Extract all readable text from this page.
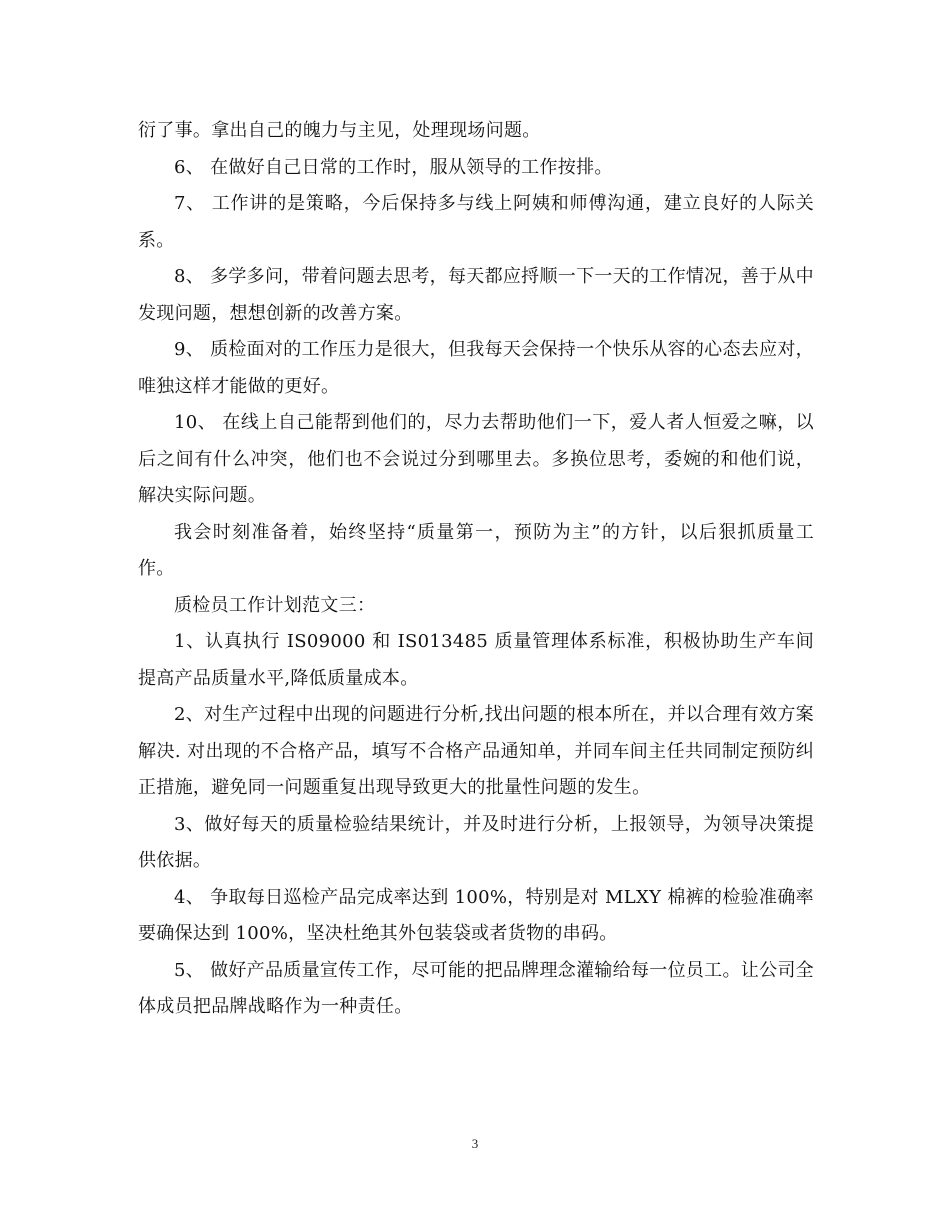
衍了事。拿出自己的魄力与主见，处理现场问题。

6、 在做好自己日常的工作时，服从领导的工作按排。

7、 工作讲的是策略，今后保持多与线上阿姨和师傅沟通，建立良好的人际关系。

8、 多学多问，带着问题去思考，每天都应捋顺一下一天的工作情况，善于从中发现问题，想想创新的改善方案。

9、 质检面对的工作压力是很大，但我每天会保持一个快乐从容的心态去应对，唯独这样才能做的更好。

10、 在线上自己能帮到他们的，尽力去帮助他们一下，爱人者人恒爱之嘛，以后之间有什么冲突，他们也不会说过分到哪里去。多换位思考，委婉的和他们说，解决实际问题。

我会时刻准备着，始终坚持“质量第一，预防为主”的方针，以后狠抓质量工作。

质检员工作计划范文三：

1、认真执行 IS09000 和 IS013485 质量管理体系标准，积极协助生产车间提高产品质量水平,降低质量成本。

2、对生产过程中出现的问题进行分析,找出问题的根本所在，并以合理有效方案解决. 对出现的不合格产品，填写不合格产品通知单，并同车间主任共同制定预防纠正措施，避免同一问题重复出现导致更大的批量性问题的发生。

3、做好每天的质量检验结果统计，并及时进行分析，上报领导，为领导决策提供依据。

4、 争取每日巡检产品完成率达到 100%，特别是对 MLXY 棉裤的检验准确率要确保达到 100%，坚决杜绝其外包装袋或者货物的串码。

5、 做好产品质量宣传工作，尽可能的把品牌理念灌输给每一位员工。让公司全体成员把品牌战略作为一种责任。

3
